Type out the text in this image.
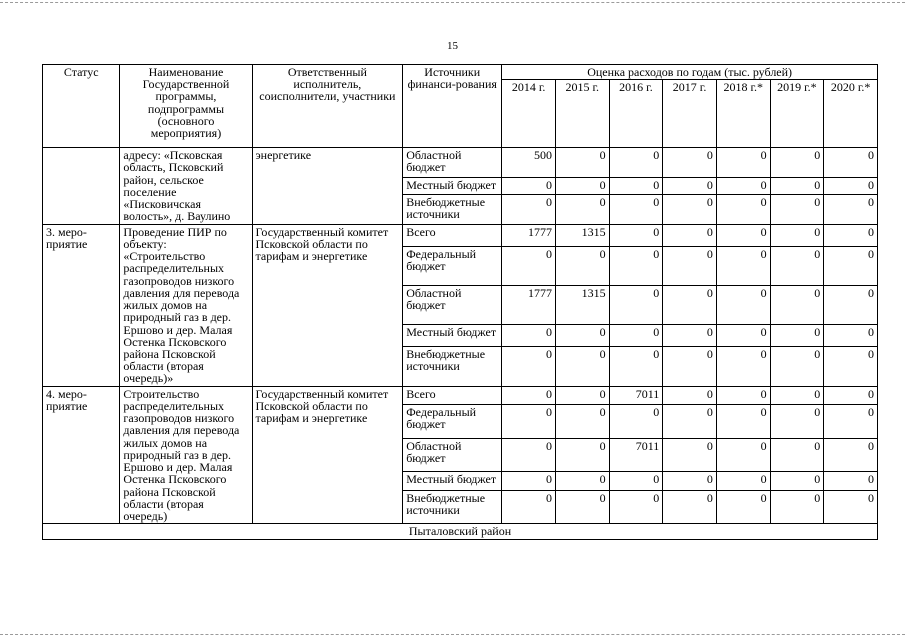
15
Статус	Наименование Государственной программы, подпрограммы (основного мероприятия)	Ответственный исполнитель, соисполнители, участники	Источники финанси-рования	Оценка расходов по годам (тыс. рублей)						
				2014 г.	2015 г.	2016 г.	2017 г.	2018 г.*	2019 г.*	2020 г.*
	адресу: «Псковская область, Псковский район, сельское поселение «Писковичская волость», д. Ваулино	энергетике	Областной бюджет	500	0	0	0	0	0	0
			Местный бюджет	0	0	0	0	0	0	0
			Внебюджетные источники	0	0	0	0	0	0	0
3. меро-приятие	Проведение ПИР по объекту: «Строительство распределительных газопроводов низкого давления для перевода жилых домов на природный газ в дер. Ершово и дер. Малая Остенка Псковского района Псковской области (вторая очередь)»	Государственный комитет Псковской области по тарифам и энергетике	Всего	1777	1315	0	0	0	0	0
			Федеральный бюджет	0	0	0	0	0	0	0
			Областной бюджет	1777	1315	0	0	0	0	0
			Местный бюджет	0	0	0	0	0	0	0
			Внебюджетные источники	0	0	0	0	0	0	0
4. меро-приятие	Строительство распределительных газопроводов низкого давления для перевода жилых домов на природный газ в дер. Ершово и дер. Малая Остенка Псковского района Псковской области (вторая очередь)	Государственный комитет Псковской области по тарифам и энергетике	Всего	0	0	7011	0	0	0	0
			Федеральный бюджет	0	0	0	0	0	0	0
			Областной бюджет	0	0	7011	0	0	0	0
			Местный бюджет	0	0	0	0	0	0	0
			Внебюджетные источники	0	0	0	0	0	0	0
Пыталовский район										
